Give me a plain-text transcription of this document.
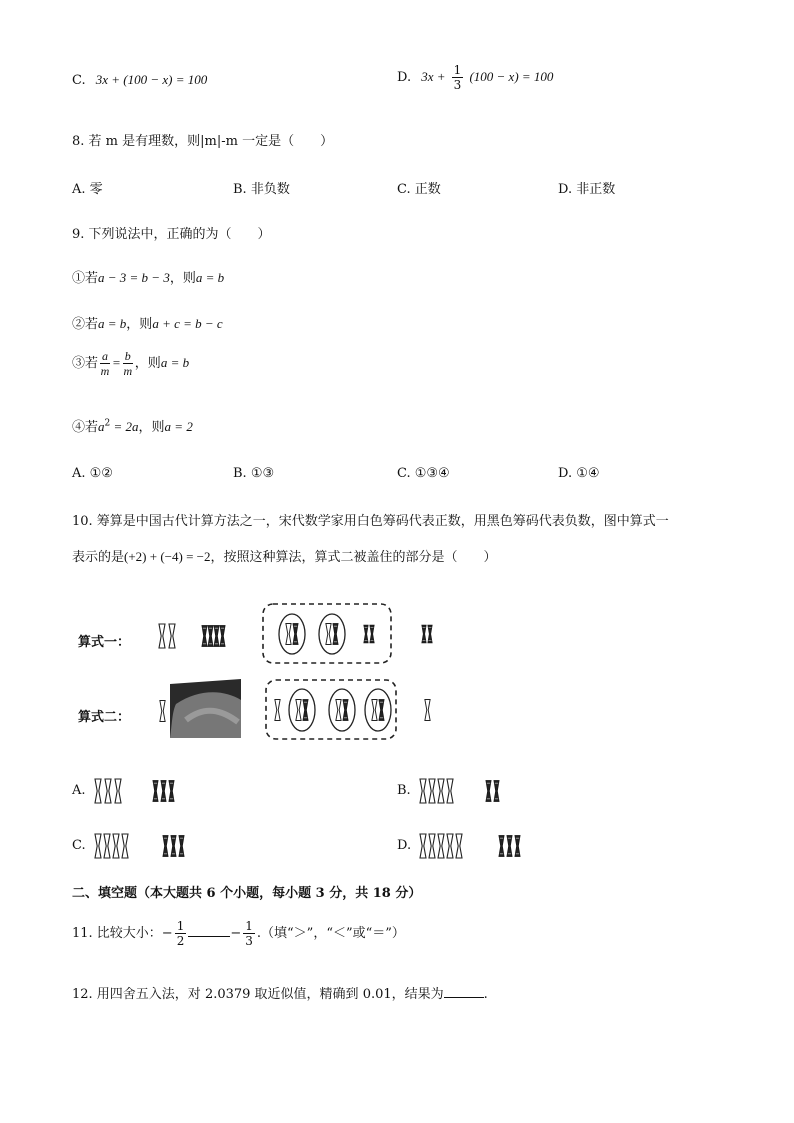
C. 3x + (100 − x) = 100	D. $3x + \frac{1}{3} (100 - x) = 100$
8. 若 m 是有理数，则|m|-m 一定是（　　）
A. 零	B. 非负数	C. 正数	D. 非正数
9. 下列说法中，正确的为（　　）
①若a − 3 = b − 3，则a = b
②若a = b，则a + c = b − c
③若 $\frac{a}{m} = \frac{b}{m}$ ，则a = b
④若$a^2 = 2a$，则a = 2
A. ①②	B. ①③	C. ①③④	D. ①④
10. 筹算是中国古代计算方法之一，宋代数学家用白色筹码代表正数，用黑色筹码代表负数，图中算式一
表示的是(+2) + (−4) = −2，按照这种算法，算式二被盖住的部分是（　　）
算式一：
算式二：
A.	B.
C.	D.
二、填空题（本大题共 6 个小题，每小题 3 分，共 18 分）
11. 比较大小：− $\frac{1}{2}$	− $\frac{1}{3}$ .（填“＞”，“＜”或“＝”）
12. 用四舍五入法，对 2.0379 取近似值，精确到 0.01，结果为	.
